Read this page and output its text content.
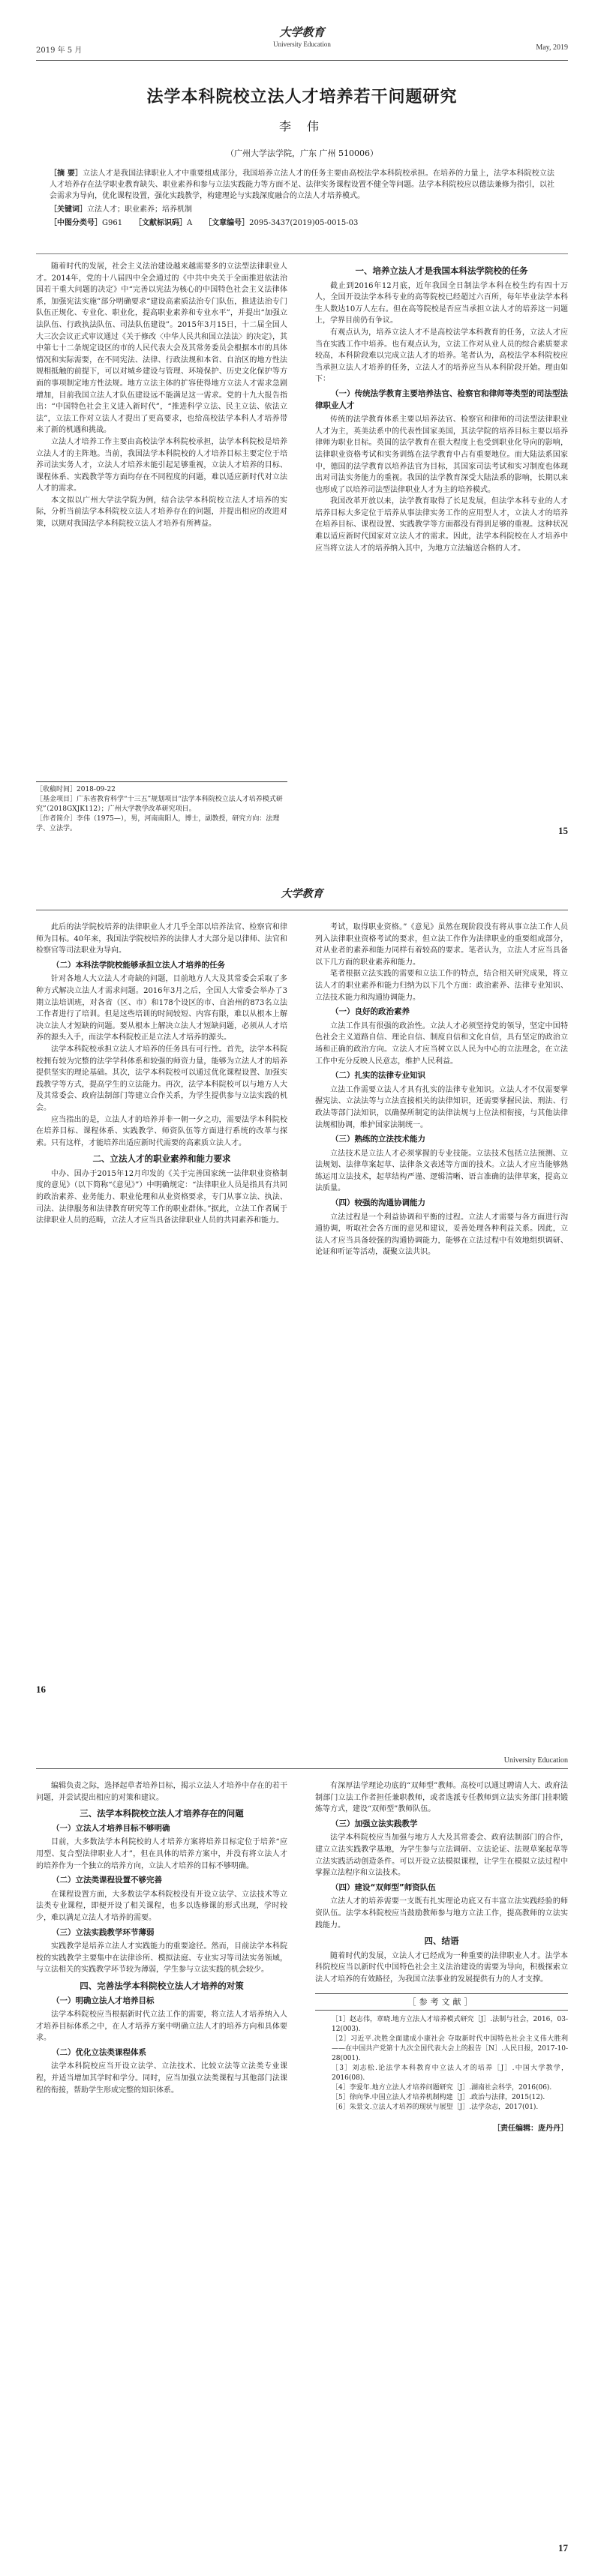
大学教育
University Education
2019 年 5 月	May, 2019
法学本科院校立法人才培养若干问题研究
李 伟
（广州大学法学院，广东 广州 510006）

［摘 要］立法人才是我国法律职业人才中重要组成部分，我国培养立法人才的任务主要由高校法学本科院校承担。在培养的力量上，法学本科院校立法人才培养存在法学职业教育缺失、职业素养和参与立法实践能力等方面不足、法律实务课程设置不健全等问题。法学本科院校应以德法兼修为指引，以社会需求为导向，优化课程设置，强化实践教学，构建理论与实践深度融合的立法人才培养模式。

［关键词］立法人才；职业素养；培养机制

［中图分类号］G961 ［文献标识码］A ［文章编号］2095-3437(2019)05-0015-03

随着时代的发展，社会主义法治建设越来越需要多的立法型法律职业人才。2014年，党的十八届四中全会通过的《中共中央关于全面推进依法治国若干重大问题的决定》中“完善以宪法为核心的中国特色社会主义法律体系，加强宪法实施”部分明确要求“建设高素质法治专门队伍，推进法治专门队伍正规化、专业化、职业化，提高职业素养和专业水平”，并提出“加强立法队伍、行政执法队伍、司法队伍建设”。2015年3月15日，十二届全国人大三次会议正式审议通过《关于修改〈中华人民共和国立法法〉的决定》，其中第七十二条规定设区的市的人民代表大会及其常务委员会根据本市的具体情况和实际需要，在不同宪法、法律、行政法规和本省、自治区的地方性法规相抵触的前提下，可以对城乡建设与管理、环境保护、历史文化保护等方面的事项制定地方性法规。地方立法主体的扩容使得地方立法人才需求急剧增加，目前我国立法人才队伍建设远不能满足这一需求。党的十九大报告指出：“中国特色社会主义进入新时代”，“推进科学立法、民主立法、依法立法”，立法工作对立法人才提出了更高要求，也给高校法学本科人才培养带来了新的机遇和挑战。

立法人才培养工作主要由高校法学本科院校承担，法学本科院校是培养立法人才的主阵地。当前，我国法学本科院校的人才培养目标主要定位于培养司法实务人才，立法人才培养未能引起足够重视，立法人才培养的目标、课程体系、实践教学等方面均存在不同程度的问题，难以适应新时代对立法人才的需求。

本文拟以广州大学法学院为例，结合法学本科院校立法人才培养的实际，分析当前法学本科院校立法人才培养存在的问题，并提出相应的改进对策，以期对我国法学本科院校立法人才培养有所裨益。

一、培养立法人才是我国本科法学院校的任务

截止到2016年12月底，近年我国全日制法学本科在校生约有四十万人，全国开设法学本科专业的高等院校已经超过六百所，每年毕业法学本科生人数达10万人左右。但在高等院校是否应当承担立法人才的培养这一问题上，学界目前仍有争议。

有观点认为，培养立法人才不是高校法学本科教育的任务，立法人才应当在实践工作中培养。也有观点认为，立法工作对从业人员的综合素质要求较高，本科阶段难以完成立法人才的培养。笔者认为，高校法学本科院校应当承担立法人才培养的任务，立法人才的培养应当从本科阶段开始。理由如下：

（一）传统法学教育主要培养法官、检察官和律师等类型的司法型法律职业人才

传统的法学教育体系主要以培养法官、检察官和律师的司法型法律职业人才为主，英美法系中的代表性国家美国，其法学院的培养目标主要以培养律师为职业目标。英国的法学教育在很大程度上也受到职业化导向的影响，法律职业资格考试和实务训练在法学教育中占有重要地位。而大陆法系国家中，德国的法学教育以培养法官为目标，其国家司法考试和实习制度也体现出对司法实务能力的重视。我国的法学教育深受大陆法系的影响，长期以来也形成了以培养司法型法律职业人才为主的培养模式。

我国改革开放以来，法学教育取得了长足发展，但法学本科专业的人才培养目标大多定位于培养从事法律实务工作的应用型人才，立法人才的培养在培养目标、课程设置、实践教学等方面都没有得到足够的重视。这种状况难以适应新时代国家对立法人才的需求。因此，法学本科院校在人才培养中应当将立法人才的培养纳入其中，为地方立法输送合格的人才。

［收稿时间］2018-09-22
［基金项目］广东省教育科学“十三五”规划项目“法学本科院校立法人才培养模式研究”（2018GXJK112）；广州大学教学改革研究项目。
［作者简介］李伟（1975—），男，河南南阳人，博士，副教授，研究方向：法理学、立法学。	15
大学教育

此后的法学院校培养的法律职业人才几乎全部以培养法官、检察官和律师为目标。40年来，我国法学院校培养的法律人才大部分是以律师、法官和检察官等司法职业为导向。

（二）本科法学院校能够承担立法人才培养的任务

针对各地人大立法人才奇缺的问题，目前地方人大及其常委会采取了多种方式解决立法人才需求问题。2016年3月之后，全国人大常委会举办了3期立法培训班，对各省（区、市）和178个设区的市、自治州的873名立法工作者进行了培训。但是这些培训的时间较短、内容有限，难以从根本上解决立法人才短缺的问题。要从根本上解决立法人才短缺问题，必须从人才培养的源头入手，而法学本科院校正是立法人才培养的源头。

法学本科院校承担立法人才培养的任务具有可行性。首先，法学本科院校拥有较为完整的法学学科体系和较强的师资力量，能够为立法人才的培养提供坚实的理论基础。其次，法学本科院校可以通过优化课程设置、加强实践教学等方式，提高学生的立法能力。再次，法学本科院校可以与地方人大及其常委会、政府法制部门等建立合作关系，为学生提供参与立法实践的机会。

应当指出的是，立法人才的培养并非一朝一夕之功，需要法学本科院校在培养目标、课程体系、实践教学、师资队伍等方面进行系统的改革与探索。只有这样，才能培养出适应新时代需要的高素质立法人才。

二、立法人才的职业素养和能力要求

中办、国办于2015年12月印发的《关于完善国家统一法律职业资格制度的意见》（以下简称“《意见》”）中明确规定：“法律职业人员是指具有共同的政治素养、业务能力、职业伦理和从业资格要求，专门从事立法、执法、司法、法律服务和法律教育研究等工作的职业群体。”据此，立法工作者属于法律职业人员的范畴，立法人才应当具备法律职业人员的共同素养和能力。

考试，取得职业资格。”《意见》虽然在现阶段没有将从事立法工作人员列入法律职业资格考试的要求，但立法工作作为法律职业的重要组成部分，对从业者的素养和能力同样有着较高的要求。笔者认为，立法人才应当具备以下几方面的职业素养和能力。

笔者根据立法实践的需要和立法工作的特点，结合相关研究成果，将立法人才的职业素养和能力归纳为以下几个方面：政治素养、法律专业知识、立法技术能力和沟通协调能力。

（一）良好的政治素养

立法工作具有很强的政治性。立法人才必须坚持党的领导，坚定中国特色社会主义道路自信、理论自信、制度自信和文化自信，具有坚定的政治立场和正确的政治方向。立法人才应当树立以人民为中心的立法理念，在立法工作中充分反映人民意志，维护人民利益。

（二）扎实的法律专业知识

立法工作需要立法人才具有扎实的法律专业知识。立法人才不仅需要掌握宪法、立法法等与立法直接相关的法律知识，还需要掌握民法、刑法、行政法等部门法知识，以确保所制定的法律法规与上位法相衔接，与其他法律法规相协调，维护国家法制统一。

（三）熟练的立法技术能力

立法技术是立法人才必须掌握的专业技能。立法技术包括立法预测、立法规划、法律草案起草、法律条文表述等方面的技术。立法人才应当能够熟练运用立法技术，起草结构严谨、逻辑清晰、语言准确的法律草案，提高立法质量。

（四）较强的沟通协调能力

立法过程是一个利益协调和平衡的过程。立法人才需要与各方面进行沟通协调，听取社会各方面的意见和建议，妥善处理各种利益关系。因此，立法人才应当具备较强的沟通协调能力，能够在立法过程中有效地组织调研、论证和听证等活动，凝聚立法共识。

16
University Education

编辑负责之际，选择起草者培养目标，揭示立法人才培养中存在的若干问题，并尝试提出相应的对策和建议。

三、法学本科院校立法人才培养存在的问题
（一）立法人才培养目标不够明确

目前，大多数法学本科院校的人才培养方案将培养目标定位于培养“应用型、复合型法律职业人才”，但在具体的培养方案中，并没有将立法人才的培养作为一个独立的培养方向，立法人才培养的目标不够明确。

（二）立法类课程设置不够完善

在课程设置方面，大多数法学本科院校没有开设立法学、立法技术等立法类专业课程，即便开设了相关课程，也多以选修课的形式出现，学时较少，难以满足立法人才培养的需要。

（三）立法实践教学环节薄弱

实践教学是培养立法人才实践能力的重要途径。然而，目前法学本科院校的实践教学主要集中在法律诊所、模拟法庭、专业实习等司法实务领域，与立法相关的实践教学环节较为薄弱，学生参与立法实践的机会较少。

四、完善法学本科院校立法人才培养的对策
（一）明确立法人才培养目标

法学本科院校应当根据新时代立法工作的需要，将立法人才培养纳入人才培养目标体系之中，在人才培养方案中明确立法人才的培养方向和具体要求。

（二）优化立法类课程体系

法学本科院校应当开设立法学、立法技术、比较立法等立法类专业课程，并适当增加其学时和学分。同时，应当加强立法类课程与其他部门法课程的衔接，帮助学生形成完整的知识体系。

有深厚法学理论功底的“双师型”教师。高校可以通过聘请人大、政府法制部门立法工作者担任兼职教师，或者选派专任教师到立法实务部门挂职锻炼等方式，建设“双师型”教师队伍。

（三）加强立法实践教学

法学本科院校应当加强与地方人大及其常委会、政府法制部门的合作，建立立法实践教学基地，为学生参与立法调研、立法论证、法规草案起草等立法实践活动创造条件。可以开设立法模拟课程，让学生在模拟立法过程中掌握立法程序和立法技术。

（四）建设“双师型”师资队伍

立法人才的培养需要一支既有扎实理论功底又有丰富立法实践经验的师资队伍。法学本科院校应当鼓励教师参与地方立法工作，提高教师的立法实践能力。

四、结语

随着时代的发展，立法人才已经成为一种重要的法律职业人才。法学本科院校应当以新时代中国特色社会主义法治建设的需要为导向，积极探索立法人才培养的有效路径，为我国立法事业的发展提供有力的人才支撑。

［参考文献］

［1］赵志伟，章晓.地方立法人才培养模式研究［J］.法制与社会，2016，03-12(003).

［2］习近平.决胜全面建成小康社会 夺取新时代中国特色社会主义伟大胜利——在中国共产党第十九次全国代表大会上的报告［N］.人民日报，2017-10-28(001).

［3］刘志松.论法学本科教育中立法人才的培养［J］.中国大学教学，2016(08).

［4］李爱年.地方立法人才培养问题研究［J］.湖南社会科学，2016(06).

［5］徐向华.中国立法人才培养机制构建［J］.政治与法律，2015(12).

［6］朱景文.立法人才培养的现状与展望［J］.法学杂志，2017(01).

［责任编辑：庞丹丹］
17
